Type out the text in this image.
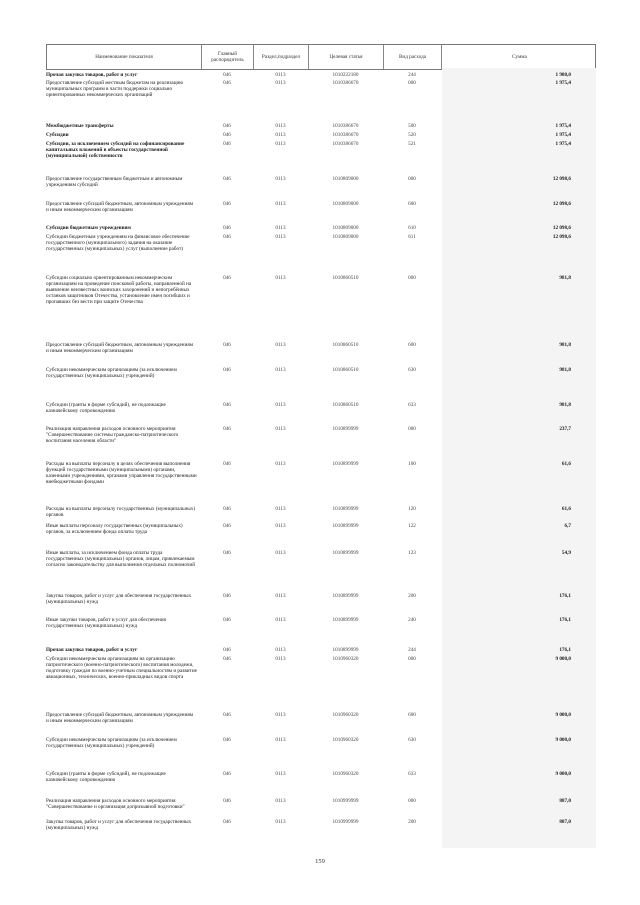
Наименование показателя	Главный распорядитель	Раздел,подраздел	Целевая статья	Вид расхода	Сумма
Прочая закупка товаров, работ и услуг	046	0113	1010222180	244	1 980,0
Предоставление субсидий местным бюджетам на реализацию муниципальных программ в части поддержки социально ориентированных некоммерческих организаций
046	0113	1010386670	000	1 975,4
Межбюджетные трансферты	046	0113	1010386670	500	1 975,4
Субсидии	046	0113	1010386670	520	1 975,4
Субсидии, за исключением субсидий на софинансирование капитальных вложений в объекты государственной (муниципальной) собственности
046	0113	1010386670	521	1 975,4
Предоставление государственным бюджетным и автономным учреждениям субсидий
046	0113	1010809000	000	12 098,6
Предоставление субсидий бюджетным, автономным учреждениям и иным некоммерческим организациям
046	0113	1010809000	600	12 098,6
Субсидии бюджетным учреждениям	046	0113	1010809000	610	12 098,6
Субсидии бюджетным учреждениям на финансовое обеспечение государственного (муниципального) задания на оказание государственных (муниципальных) услуг (выполнение работ)
046	0113	1010809000	611	12 098,6
Субсидии социально ориентированным некоммерческим организациям на проведение поисковой работы, направленной на выявление неизвестных воинских захоронений и непогребённых останков защитников Отечества, установление имен погибших и пропавших без вести при защите Отечества
046	0113	1010860510	000	981,8
Предоставление субсидий бюджетным, автономным учреждениям и иным некоммерческим организациям
046	0113	1010860510	600	981,8
Субсидии некоммерческим организациям (за исключением государственных (муниципальных) учреждений)
046	0113	1010860510	630	981,8
Субсидии (гранты в форме субсидий), не подлежащие казначейскому сопровождению
046	0113	1010860510	633	981,8
Реализация направления расходов основного мероприятия "Совершенствование системы гражданско-патриотического воспитания населения области"
046	0113	1010899999	000	237,7
Расходы на выплаты персоналу в целях обеспечения выполнения функций государственными (муниципальными) органами, казенными учреждениями, органами управления государственными внебюджетными фондами
046	0113	1010899999	100	61,6
Расходы на выплаты персоналу государственных (муниципальных) органов
046	0113	1010899999	120	61,6
Иные выплаты персоналу государственных (муниципальных) органов, за исключением фонда оплаты труда
046	0113	1010899999	122	6,7
Иные выплаты, за исключением фонда оплаты труда государственных (муниципальных) органов, лицам, привлекаемым согласно законодательству для выполнения отдельных полномочий
046	0113	1010899999	123	54,9
Закупка товаров, работ и услуг для обеспечения государственных (муниципальных) нужд
046	0113	1010899999	200	176,1
Иные закупки товаров, работ и услуг для обеспечения государственных (муниципальных) нужд
046	0113	1010899999	240	176,1
Прочая закупка товаров, работ и услуг	046	0113	1010899999	244	176,1
Субсидии некоммерческим организациям на организацию патриотического (военно-патриотического) воспитания молодежи, подготовку граждан по военно-учетным специальностям и развитие авиационных, технических, военно-прикладных видов спорта
046	0113	1010960320	000	9 000,0
Предоставление субсидий бюджетным, автономным учреждениям и иным некоммерческим организациям
046	0113	1010960320	600	9 000,0
Субсидии некоммерческим организациям (за исключением государственных (муниципальных) учреждений)
046	0113	1010960320	630	9 000,0
Субсидии (гранты в форме субсидий), не подлежащие казначейскому сопровождению
046	0113	1010960320	633	9 000,0
Реализация направления расходов основного мероприятия "Совершенствование и организация допризывной подготовки"
046	0113	1010999999	000	887,0
Закупка товаров, работ и услуг для обеспечения государственных (муниципальных) нужд
046	0113	1010999999	200	887,0
159
